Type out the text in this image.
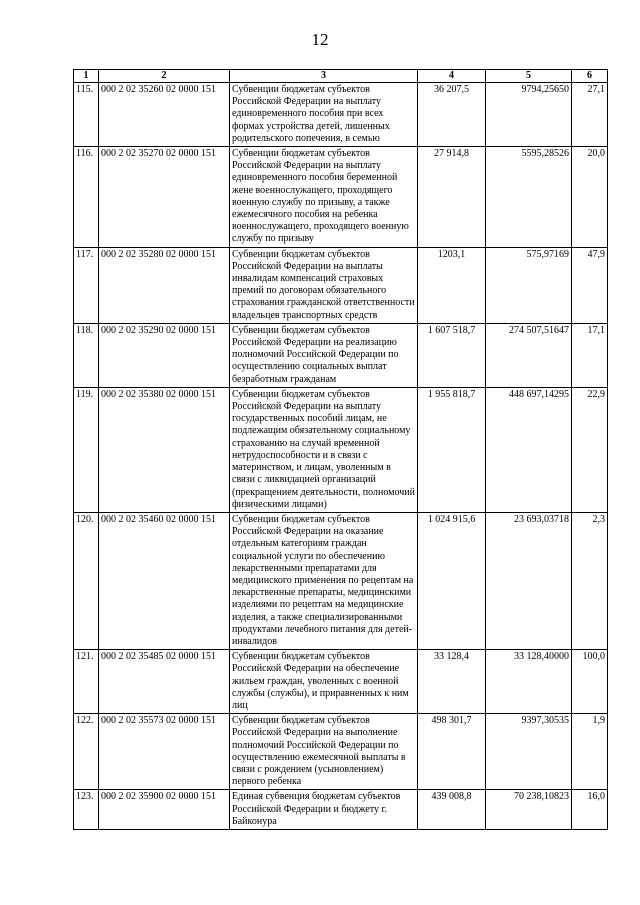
12
1	2	3	4	5	6
115.	000 2 02 35260 02 0000 151	Субвенции бюджетам субъектов Российской Федерации на выплату единовременного пособия при всех формах устройства детей, лишенных родительского попечения, в семью	36 207,5	9794,25650	27,1
116.	000 2 02 35270 02 0000 151	Субвенции бюджетам субъектов Российской Федерации на выплату единовременного пособия беременной жене военнослужащего, проходящего военную службу по призыву, а также ежемесячного пособия на ребенка военнослужащего, проходящего военную службу по призыву	27 914,8	5595,28526	20,0
117.	000 2 02 35280 02 0000 151	Субвенции бюджетам субъектов Российской Федерации на выплаты инвалидам компенсаций страховых премий по договорам обязательного страхования гражданской ответственности владельцев транспортных средств	1203,1	575,97169	47,9
118.	000 2 02 35290 02 0000 151	Субвенции бюджетам субъектов Российской Федерации на реализацию полномочий Российской Федерации по осуществлению социальных выплат безработным гражданам	1 607 518,7	274 507,51647	17,1
119.	000 2 02 35380 02 0000 151	Субвенции бюджетам субъектов Российской Федерации на выплату государственных пособий лицам, не подлежащим обязательному социальному страхованию на случай временной нетрудоспособности и в связи с материнством, и лицам, уволенным в связи с ликвидацией организаций (прекращением деятельности, полномочий физическими лицами)	1 955 818,7	448 697,14295	22,9
120.	000 2 02 35460 02 0000 151	Субвенции бюджетам субъектов Российской Федерации на оказание отдельным категориям граждан социальной услуги по обеспечению лекарственными препаратами для медицинского применения по рецептам на лекарственные препараты, медицинскими изделиями по рецептам на медицинские изделия, а также специализированными продуктами лечебного питания для детей-инвалидов	1 024 915,6	23 693,03718	2,3
121.	000 2 02 35485 02 0000 151	Субвенции бюджетам субъектов Российской Федерации на обеспечение жильем граждан, уволенных с военной службы (службы), и приравненных к ним лиц	33 128,4	33 128,40000	100,0
122.	000 2 02 35573 02 0000 151	Субвенции бюджетам субъектов Российской Федерации на выполнение полномочий Российской Федерации по осуществлению ежемесячной выплаты в связи с рождением (усыновлением) первого ребенка	498 301,7	9397,30535	1,9
123.	000 2 02 35900 02 0000 151	Единая субвенция бюджетам субъектов Российской Федерации и бюджету г. Байконура	439 008,8	70 238,10823	16,0
